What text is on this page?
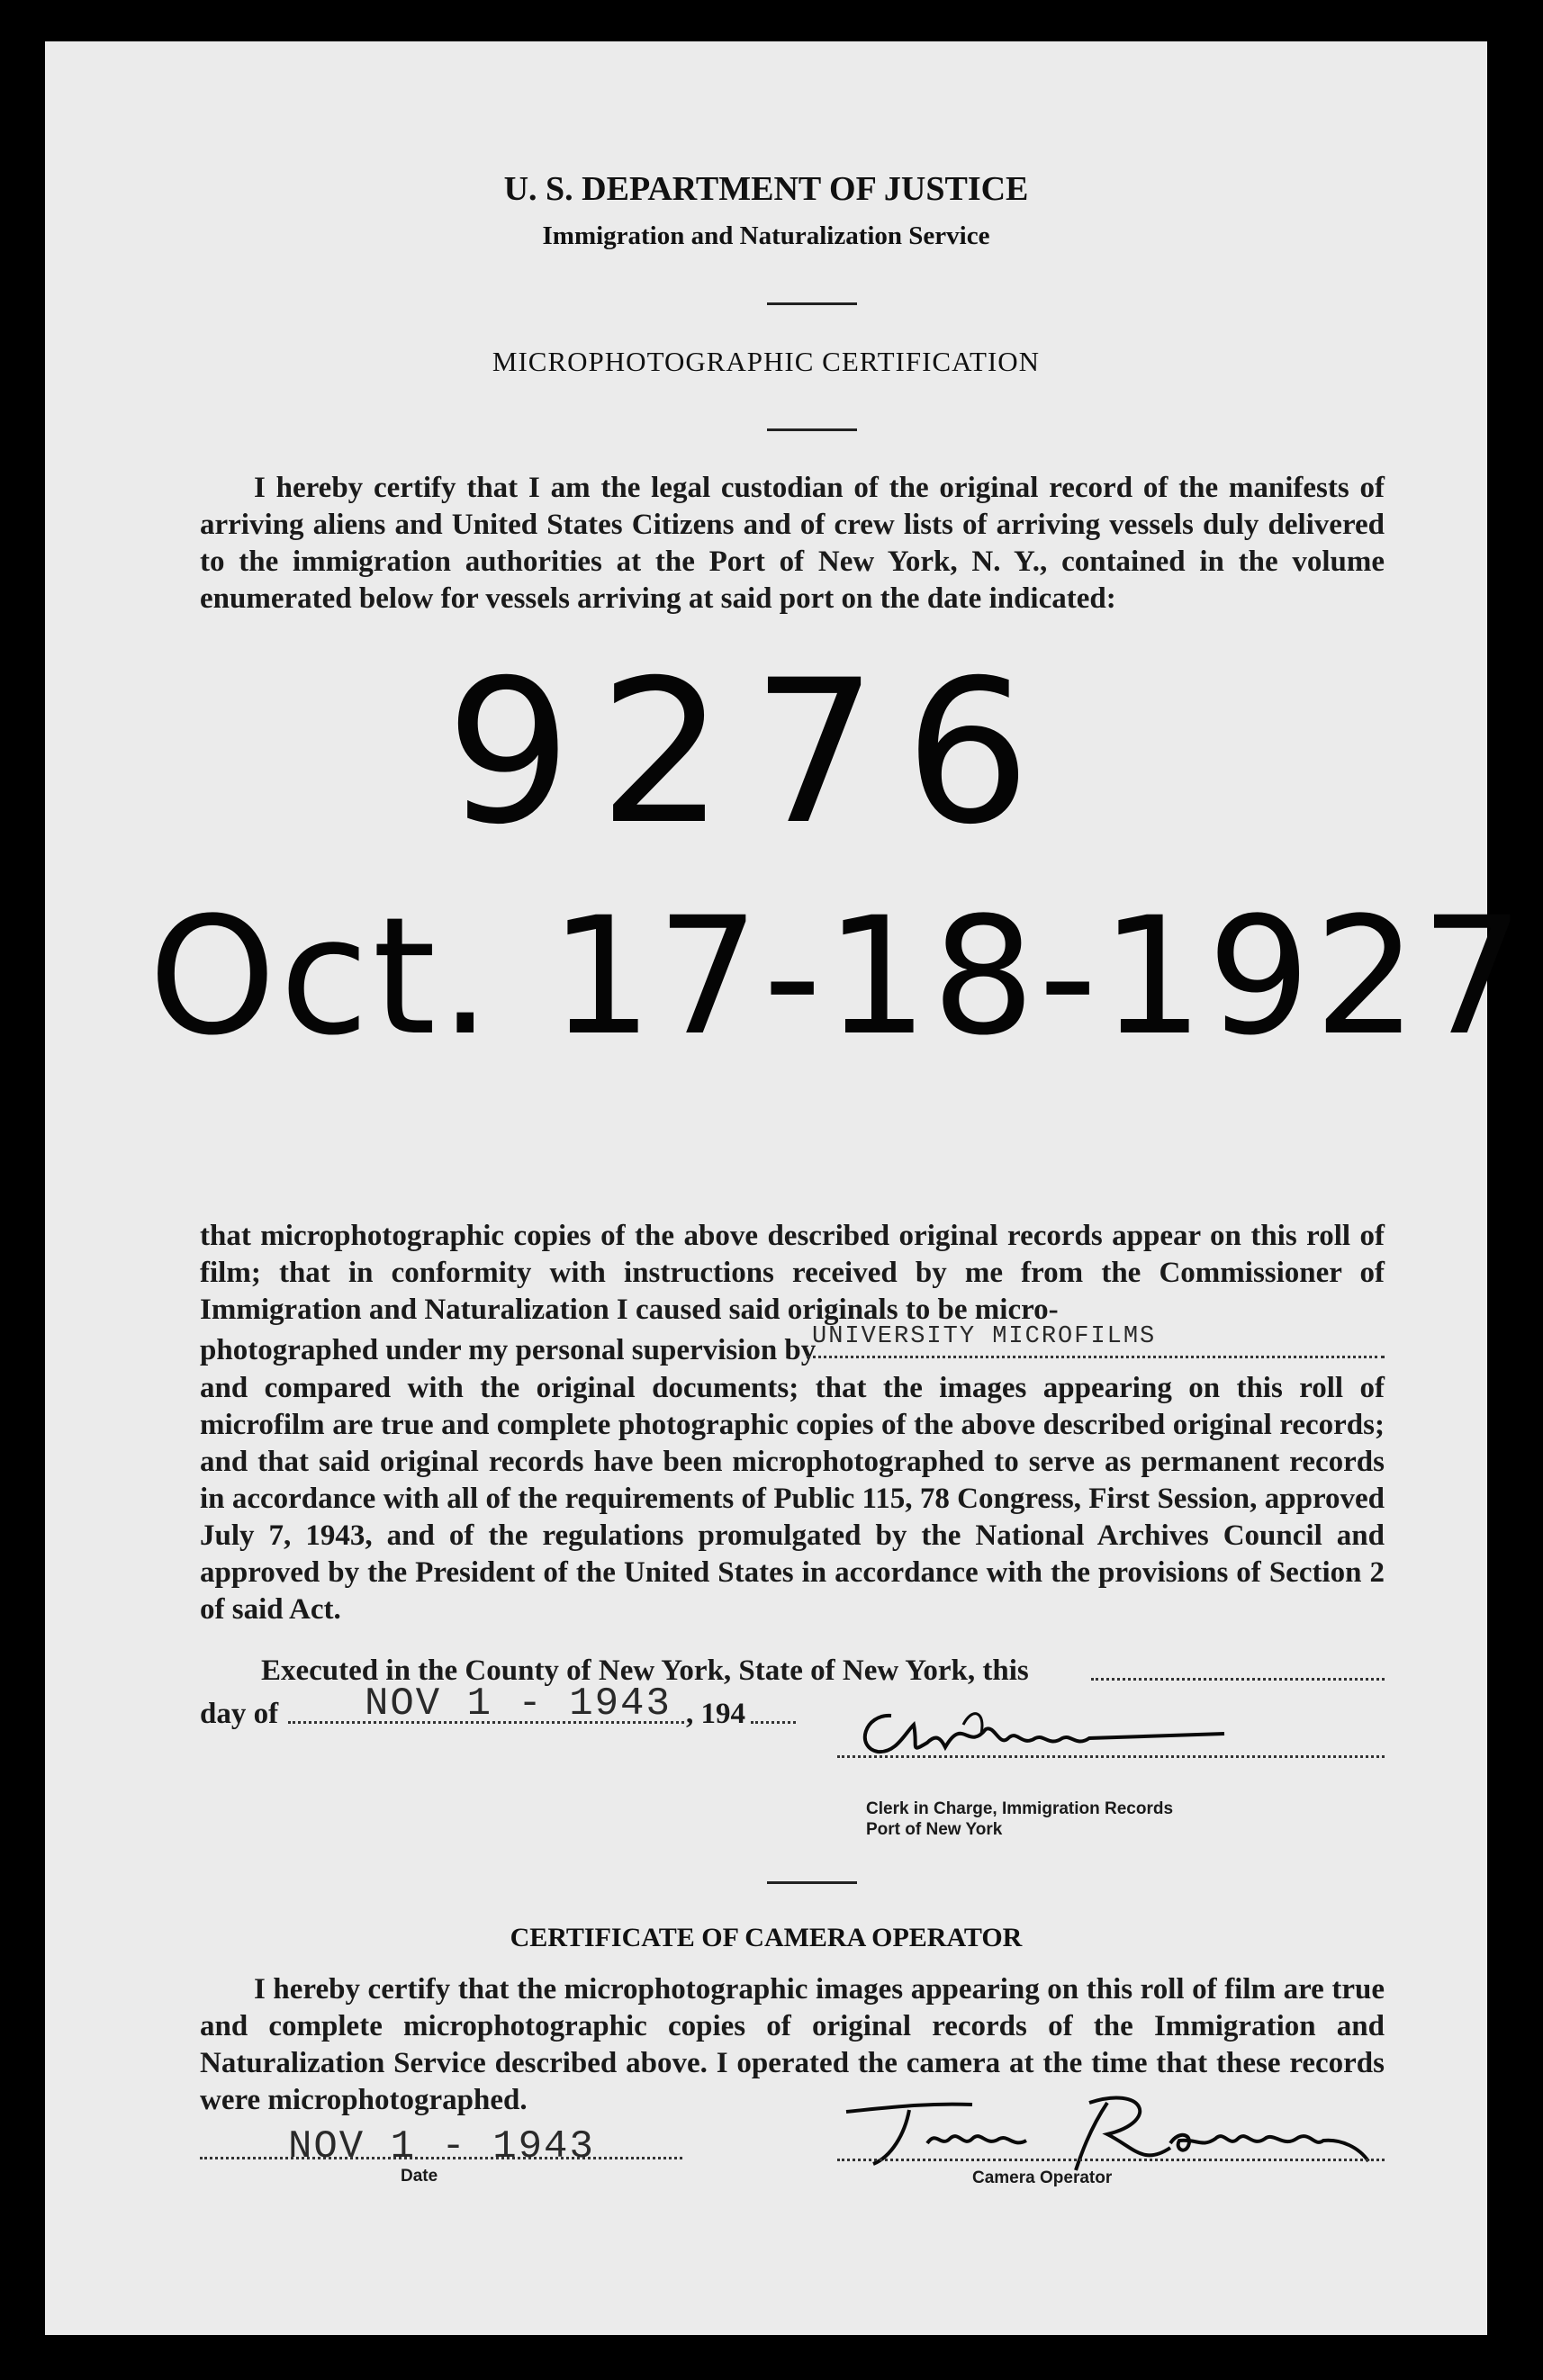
U. S. DEPARTMENT OF JUSTICE
Immigration and Naturalization Service
MICROPHOTOGRAPHIC CERTIFICATION
I hereby certify that I am the legal custodian of the original record of the manifests of arriving aliens and United States Citizens and of crew lists of arriving vessels duly delivered to the immigration authorities at the Port of New York, N. Y., contained in the volume enumerated below for vessels arriving at said port on the date indicated:
9276
Oct. 17-18-1927
that microphotographic copies of the above described original records appear on this roll of film; that in conformity with instructions received by me from the Commissioner of Immigration and Naturalization I caused said originals to be micro-
photographed under my personal supervision by
UNIVERSITY MICROFILMS
and compared with the original documents; that the images appearing on this roll of microfilm are true and complete photographic copies of the above described original records; and that said original records have been microphotographed to serve as permanent records in accordance with all of the requirements of Public 115, 78 Congress, First Session, approved July 7, 1943, and of the regulations promulgated by the National Archives Council and approved by the President of the United States in accordance with the provisions of Section 2 of said Act.
Executed in the County of New York, State of New York, this
day of NOV 1 - 1943 , 194
Clerk in Charge, Immigration Records
Port of New York
CERTIFICATE OF CAMERA OPERATOR
I hereby certify that the microphotographic images appearing on this roll of film are true and complete microphotographic copies of original records of the Immigration and Naturalization Service described above. I operated the camera at the time that these records were microphotographed.
NOV 1 - 1943
Date	Camera Operator
